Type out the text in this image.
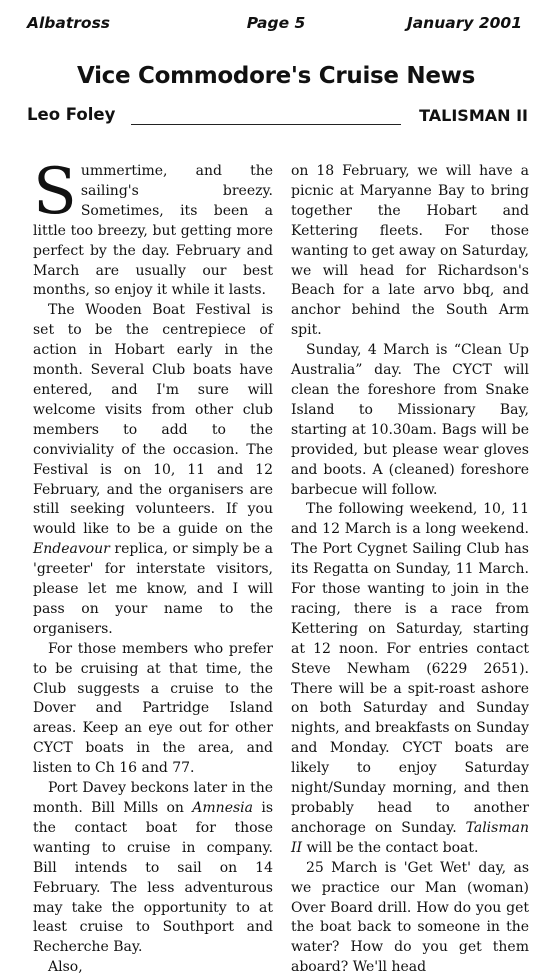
Albatross	Page 5	January 2001
Vice Commodore's Cruise News
Leo Foley	TALISMAN II

Summertime, and the sailing's breezy. Sometimes, its been a little too breezy, but getting more perfect by the day. February and March are usually our best months, so enjoy it while it lasts.

The Wooden Boat Festival is set to be the centrepiece of action in Hobart early in the month. Several Club boats have entered, and I'm sure will welcome visits from other club members to add to the conviviality of the occasion. The Festival is on 10, 11 and 12 February, and the organisers are still seeking volunteers. If you would like to be a guide on the Endeavour replica, or simply be a 'greeter' for interstate visitors, please let me know, and I will pass on your name to the organisers.

For those members who prefer to be cruising at that time, the Club suggests a cruise to the Dover and Partridge Island areas. Keep an eye out for other CYCT boats in the area, and listen to Ch 16 and 77.

Port Davey beckons later in the month. Bill Mills on Amnesia is the contact boat for those wanting to cruise in company. Bill intends to sail on 14 February. The less adventurous may take the opportunity to at least cruise to Southport and Recherche Bay.

Also,

on 18 February, we will have a picnic at Maryanne Bay to bring together the Hobart and Kettering fleets. For those wanting to get away on Saturday, we will head for Richardson's Beach for a late arvo bbq, and anchor behind the South Arm spit.

Sunday, 4 March is “Clean Up Australia” day. The CYCT will clean the foreshore from Snake Island to Missionary Bay, starting at 10.30am. Bags will be provided, but please wear gloves and boots. A (cleaned) foreshore barbecue will follow.

The following weekend, 10, 11 and 12 March is a long weekend. The Port Cygnet Sailing Club has its Regatta on Sunday, 11 March. For those wanting to join in the racing, there is a race from Kettering on Saturday, starting at 12 noon. For entries contact Steve Newham (6229 2651). There will be a spit-roast ashore on both Saturday and Sunday nights, and breakfasts on Sunday and Monday. CYCT boats are likely to enjoy Saturday night/Sunday morning, and then probably head to another anchorage on Sunday. Talisman II will be the contact boat.

25 March is 'Get Wet' day, as we practice our Man (woman) Over Board drill. How do you get the boat back to someone in the water? How do you get them aboard? We'll head
